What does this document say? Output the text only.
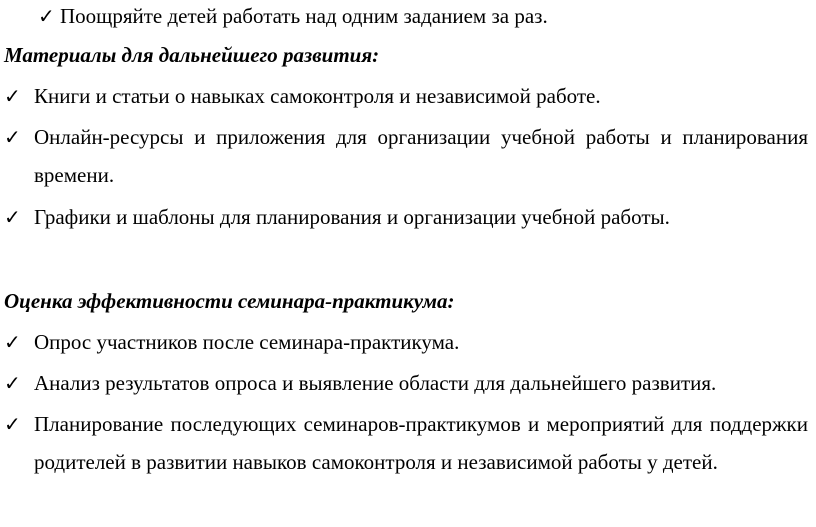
✓ Поощряйте детей работать над одним заданием за раз.
Материалы для дальнейшего развития:
✓ Книги и статьи о навыках самоконтроля и независимой работе.
✓ Онлайн-ресурсы и приложения для организации учебной работы и планирования времени.
✓ Графики и шаблоны для планирования и организации учебной работы.
Оценка эффективности семинара-практикума:
✓ Опрос участников после семинара-практикума.
✓ Анализ результатов опроса и выявление области для дальнейшего развития.
✓ Планирование последующих семинаров-практикумов и мероприятий для поддержки родителей в развитии навыков самоконтроля и независимой работы у детей.
